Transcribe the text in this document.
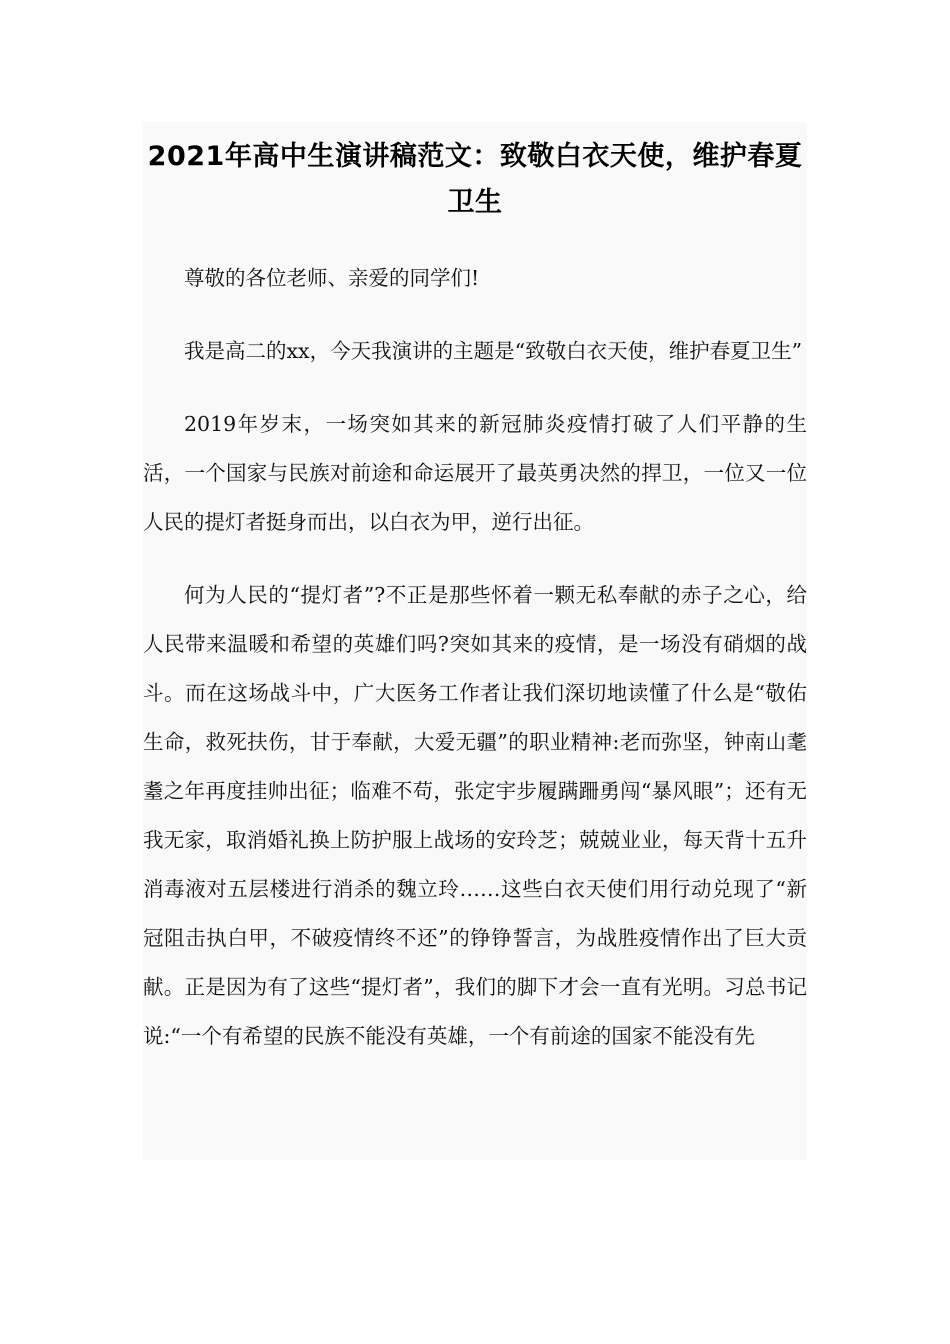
2021年高中生演讲稿范文：致敬白衣天使，维护春夏卫生

尊敬的各位老师、亲爱的同学们!

我是高二的xx，今天我演讲的主题是“致敬白衣天使，维护春夏卫生”

2019年岁末，一场突如其来的新冠肺炎疫情打破了人们平静的生活，一个国家与民族对前途和命运展开了最英勇决然的捍卫，一位又一位人民的提灯者挺身而出，以白衣为甲，逆行出征。

何为人民的“提灯者”?不正是那些怀着一颗无私奉献的赤子之心，给人民带来温暖和希望的英雄们吗?突如其来的疫情，是一场没有硝烟的战斗。而在这场战斗中，广大医务工作者让我们深切地读懂了什么是“敬佑生命，救死扶伤，甘于奉献，大爱无疆”的职业精神:老而弥坚，钟南山耄耋之年再度挂帅出征；临难不苟，张定宇步履蹒跚勇闯“暴风眼”；还有无我无家，取消婚礼换上防护服上战场的安玲芝；兢兢业业，每天背十五升消毒液对五层楼进行消杀的魏立玲……这些白衣天使们用行动兑现了“新冠阻击执白甲，不破疫情终不还”的铮铮誓言，为战胜疫情作出了巨大贡献。正是因为有了这些“提灯者”，我们的脚下才会一直有光明。习总书记说:“一个有希望的民族不能没有英雄，一个有前途的国家不能没有先
